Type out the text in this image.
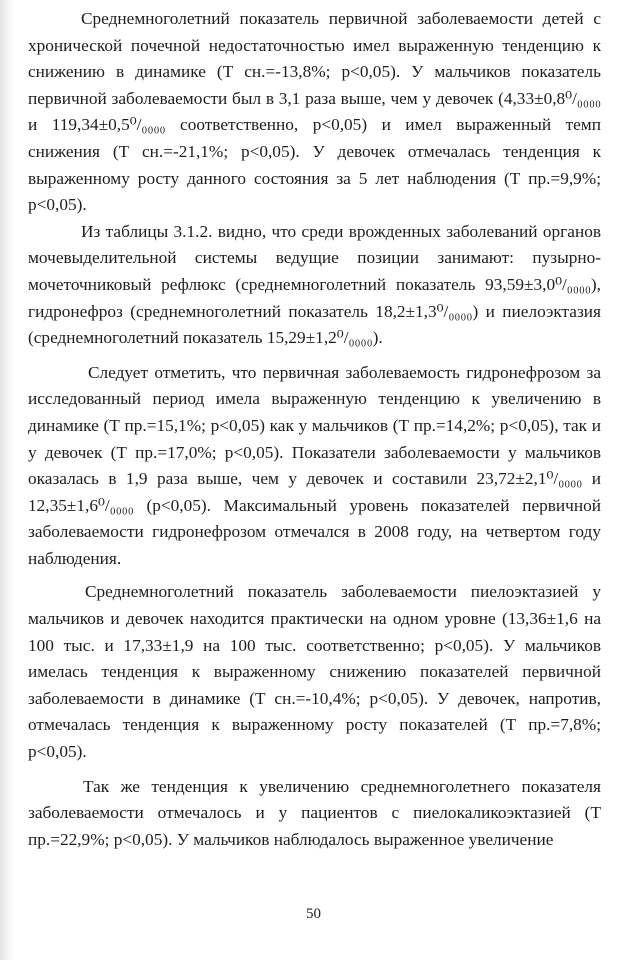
Среднемноголетний показатель первичной заболеваемости детей с хронической почечной недостаточностью имел выраженную тенденцию к снижению в динамике (Т сн.=-13,8%; р<0,05). У мальчиков показатель первичной заболеваемости был в 3,1 раза выше, чем у девочек (4,33±0,8⁰/₀₀₀₀ и 119,34±0,5⁰/₀₀₀₀ соответственно, р<0,05) и имел выраженный темп снижения (Т сн.=-21,1%; р<0,05). У девочек отмечалась тенденция к выраженному росту данного состояния за 5 лет наблюдения (Т пр.=9,9%; р<0,05).

Из таблицы 3.1.2. видно, что среди врожденных заболеваний органов мочевыделительной системы ведущие позиции занимают: пузырно-мочеточниковый рефлюкс (среднемноголетний показатель 93,59±3,0⁰/₀₀₀₀), гидронефроз (среднемноголетний показатель 18,2±1,3⁰/₀₀₀₀) и пиелоэктазия (среднемноголетний показатель 15,29±1,2⁰/₀₀₀₀).

Следует отметить, что первичная заболеваемость гидронефрозом за исследованный период имела выраженную тенденцию к увеличению в динамике (Т пр.=15,1%; р<0,05) как у мальчиков (Т пр.=14,2%; р<0,05), так и у девочек (Т пр.=17,0%; р<0,05). Показатели заболеваемости у мальчиков оказалась в 1,9 раза выше, чем у девочек и составили 23,72±2,1⁰/₀₀₀₀ и 12,35±1,6⁰/₀₀₀₀ (р<0,05). Максимальный уровень показателей первичной заболеваемости гидронефрозом отмечался в 2008 году, на четвертом году наблюдения.

Среднемноголетний показатель заболеваемости пиелоэктазией у мальчиков и девочек находится практически на одном уровне (13,36±1,6 на 100 тыс. и 17,33±1,9 на 100 тыс. соответственно; р<0,05). У мальчиков имелась тенденция к выраженному снижению показателей первичной заболеваемости в динамике (Т сн.=-10,4%; р<0,05). У девочек, напротив, отмечалась тенденция к выраженному росту показателей (Т пр.=7,8%; р<0,05).

Так же тенденция к увеличению среднемноголетнего показателя заболеваемости отмечалось и у пациентов с пиелокаликоэктазией (Т пр.=22,9%; р<0,05). У мальчиков наблюдалось выраженное увеличение

50
